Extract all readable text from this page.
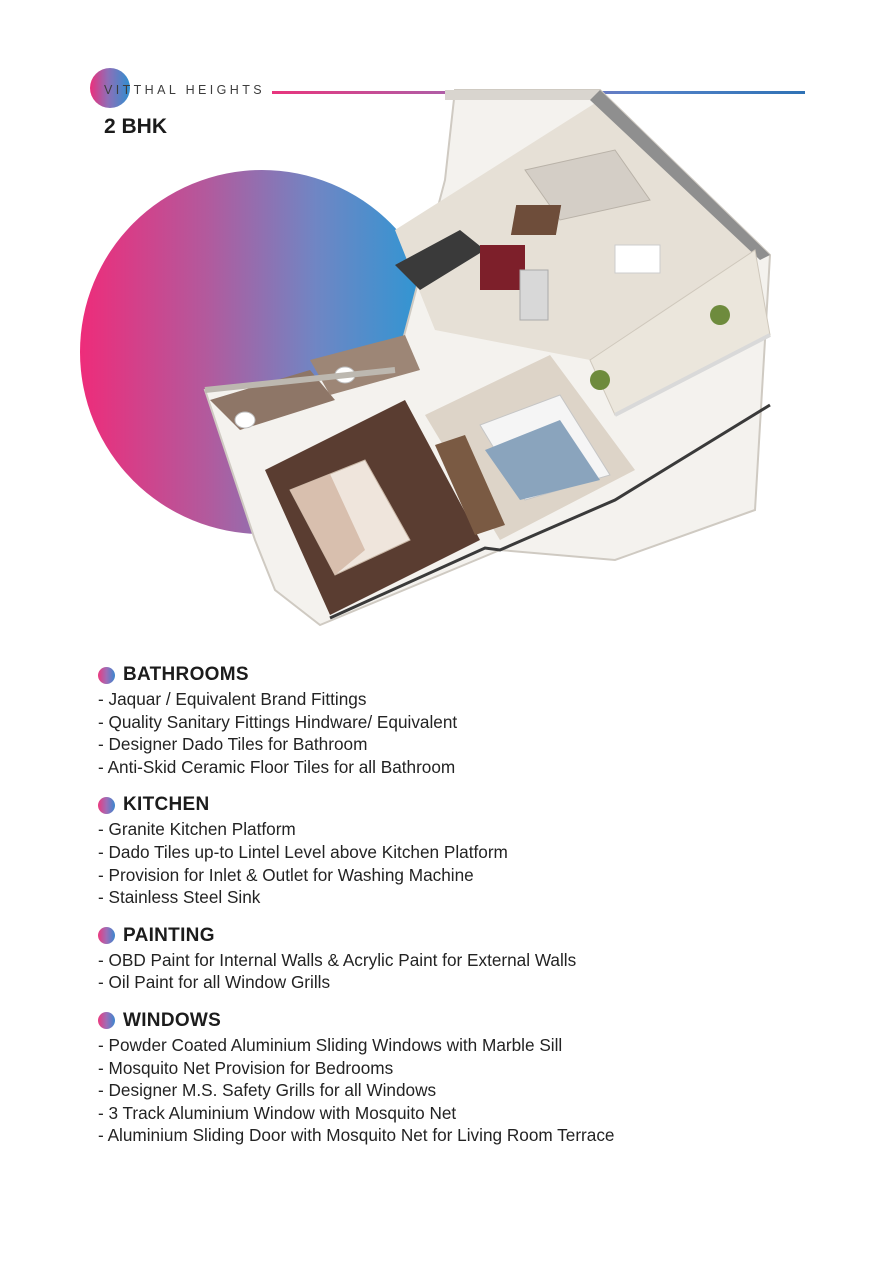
VITTHAL HEIGHTS
2 BHK
BATHROOMS
- Jaquar / Equivalent Brand Fittings
- Quality Sanitary Fittings Hindware/ Equivalent
- Designer Dado Tiles for Bathroom
- Anti-Skid Ceramic Floor Tiles for all Bathroom
KITCHEN
- Granite Kitchen Platform
- Dado Tiles up-to Lintel Level above Kitchen Platform
- Provision for Inlet & Outlet for Washing Machine
- Stainless Steel Sink
PAINTING
- OBD Paint for Internal Walls & Acrylic Paint for External Walls
- Oil Paint for all Window Grills
WINDOWS
- Powder Coated Aluminium Sliding Windows with Marble Sill
- Mosquito Net Provision for Bedrooms
- Designer M.S. Safety Grills for all Windows
- 3 Track Aluminium Window with Mosquito Net
- Aluminium Sliding Door with Mosquito Net for Living Room Terrace
